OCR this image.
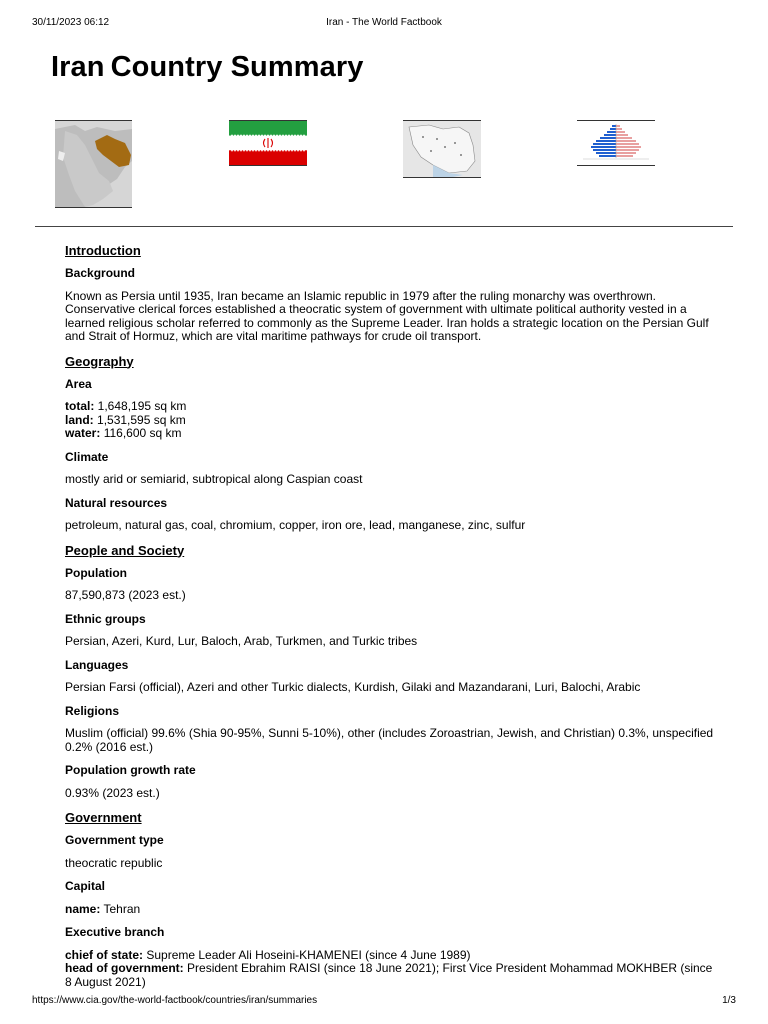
30/11/2023 06:12	Iran - The World Factbook
Iran Country Summary
Introduction
Background
Known as Persia until 1935, Iran became an Islamic republic in 1979 after the ruling monarchy was overthrown. Conservative clerical forces established a theocratic system of government with ultimate political authority vested in a learned religious scholar referred to commonly as the Supreme Leader. Iran holds a strategic location on the Persian Gulf and Strait of Hormuz, which are vital maritime pathways for crude oil transport.
Geography
Area
total: 1,648,195 sq km
land: 1,531,595 sq km
water: 116,600 sq km
Climate
mostly arid or semiarid, subtropical along Caspian coast
Natural resources
petroleum, natural gas, coal, chromium, copper, iron ore, lead, manganese, zinc, sulfur
People and Society
Population
87,590,873 (2023 est.)
Ethnic groups
Persian, Azeri, Kurd, Lur, Baloch, Arab, Turkmen, and Turkic tribes
Languages
Persian Farsi (official), Azeri and other Turkic dialects, Kurdish, Gilaki and Mazandarani, Luri, Balochi, Arabic
Religions
Muslim (official) 99.6% (Shia 90-95%, Sunni 5-10%), other (includes Zoroastrian, Jewish, and Christian) 0.3%, unspecified 0.2% (2016 est.)
Population growth rate
0.93% (2023 est.)
Government
Government type
theocratic republic
Capital
name: Tehran
Executive branch
chief of state: Supreme Leader Ali Hoseini-KHAMENEI (since 4 June 1989)
head of government: President Ebrahim RAISI (since 18 June 2021); First Vice President Mohammad MOKHBER (since 8 August 2021)
https://www.cia.gov/the-world-factbook/countries/iran/summaries	1/3
